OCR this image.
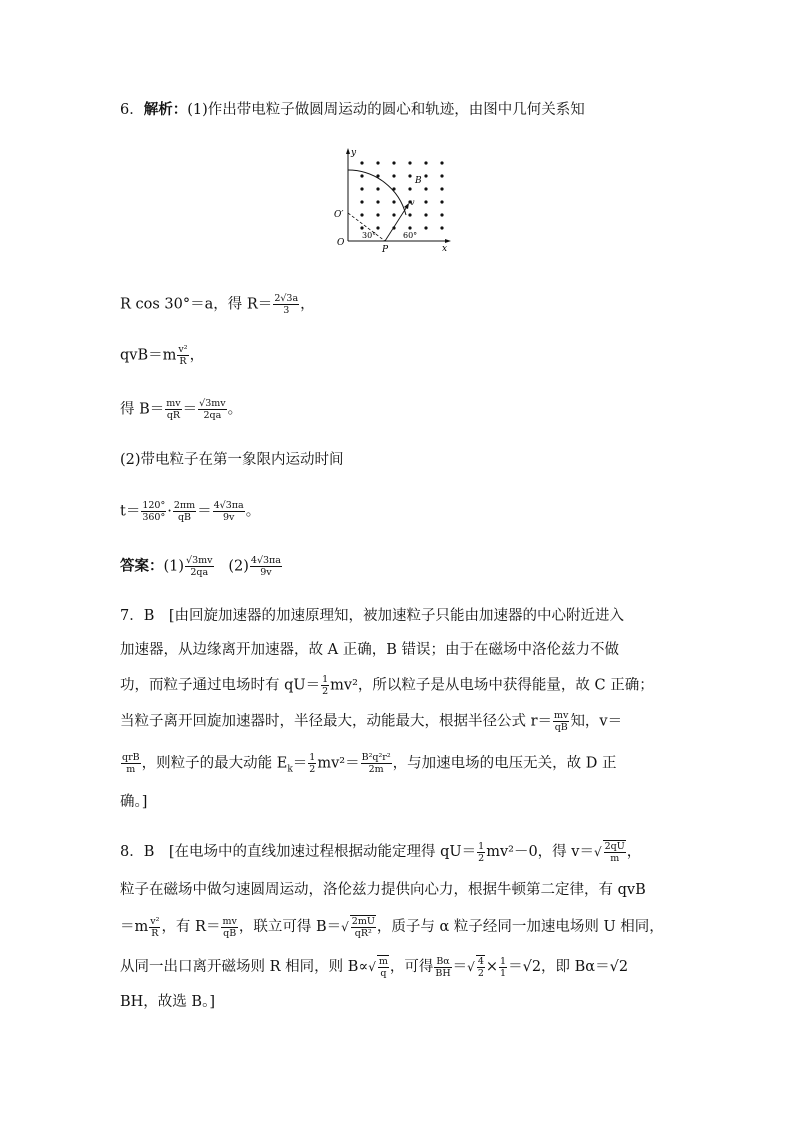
6．解析：(1)作出带电粒子做圆周运动的圆心和轨迹，由图中几何关系知
y
x
O
O′
B
v
P
30°	60°
R cos 30°＝a，得 $R= \frac{2√3a}{3}$ ，
$qvB=m \frac{\text{v²}}{R}$ ，
得 $B= \frac{mv}{qR} = \frac{√3mv}{2qa}$ 。
(2)带电粒子在第一象限内运动时间
$t= \frac{120^\circ}{360^\circ} \cdot \frac{2\pi m}{qB} = \frac{4√3\pi a}{9v}$ 。
答案：$(1) \frac{√3mv}{2qa} (2) \frac{4√3\pi a}{9v}$
7．B　[由回旋加速器的加速原理知，被加速粒子只能由加速器的中心附近进入
加速器，从边缘离开加速器，故 A 正确，B 错误；由于在磁场中洛伦兹力不做
功，而粒子通过电场时有 $qU= \frac{1}{2} mv^2$，所以粒子是从电场中获得能量，故 C 正确；
当粒子离开回旋加速器时，半径最大，动能最大，根据半径公式 $r= \frac{mv}{qB}$ 知，v＝
$\frac{\text{qrB}}{m}$ ，则粒子的最大动能 $E_k= \frac{1}{2} mv^2= \frac{\text{B²q²r²}}{2m}$ ，与加速电场的电压无关，故 D 正
确。]
8．B　[在电场中的直线加速过程根据动能定理得 $qU= \frac{1}{2} mv^2-0$，得 $v=√ \frac{2qU}{m}$ ，
粒子在磁场中做匀速圆周运动，洛伦兹力提供向心力，根据牛顿第二定律，有 qvB
$=m \frac{\text{v²}}{R}$ ，有 $R= \frac{mv}{qB}$ ，联立可得 $B=√ \frac{2mU}{\text{qR²}}$ ，质子与 α 粒子经同一加速电场则 U 相同，
从同一出口离开磁场则 R 相同，则 $B\propto√ \frac{m}{q}$ ，可得 $\frac{B\alpha}{BH}$ ＝√ $\frac{4}{2} \times \frac{1}{1} =√2$，即 Bα＝√2
BH，故选 B。]
